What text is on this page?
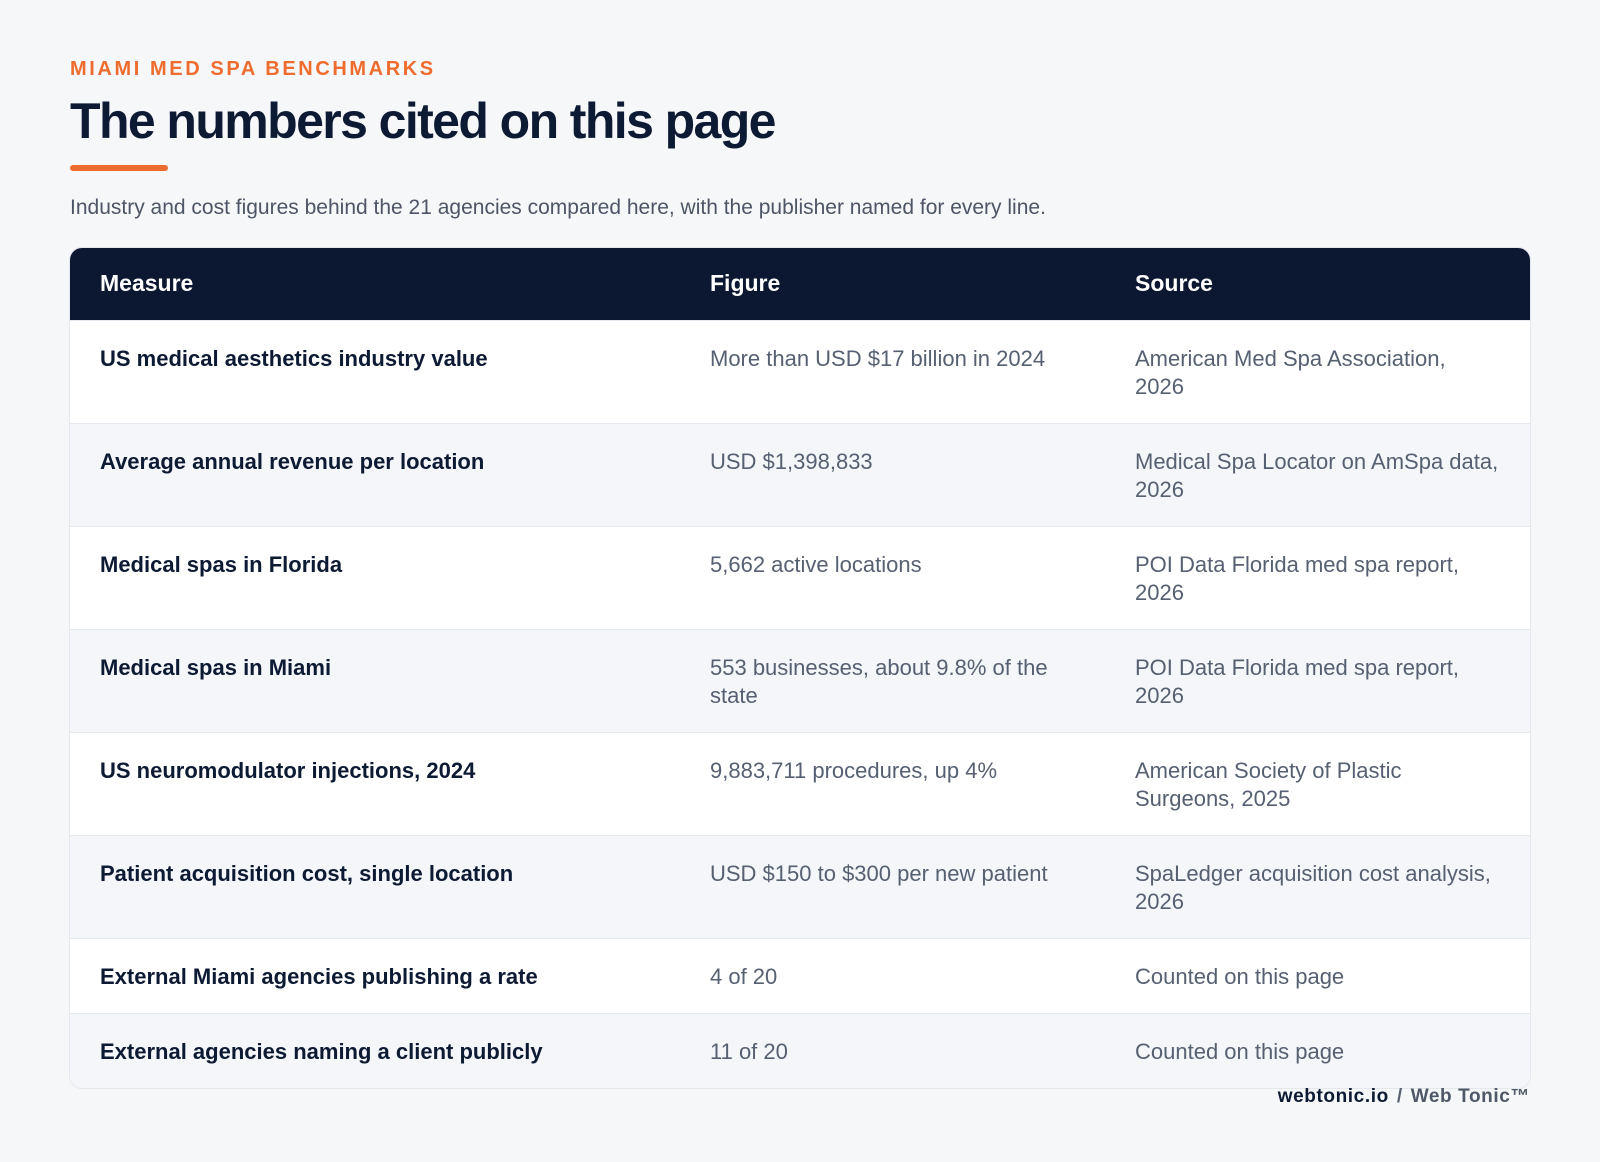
MIAMI MED SPA BENCHMARKS
The numbers cited on this page
Industry and cost figures behind the 21 agencies compared here, with the publisher named for every line.
Measure	Figure	Source
US medical aesthetics industry value	More than USD $17 billion in 2024	American Med Spa Association, 2026
Average annual revenue per location	USD $1,398,833	Medical Spa Locator on AmSpa data, 2026
Medical spas in Florida	5,662 active locations	POI Data Florida med spa report, 2026
Medical spas in Miami	553 businesses, about 9.8% of the state	POI Data Florida med spa report, 2026
US neuromodulator injections, 2024	9,883,711 procedures, up 4%	American Society of Plastic Surgeons, 2025
Patient acquisition cost, single location	USD $150 to $300 per new patient	SpaLedger acquisition cost analysis, 2026
External Miami agencies publishing a rate	4 of 20	Counted on this page
External agencies naming a client publicly	11 of 20	Counted on this page
webtonic.io / Web Tonic™
